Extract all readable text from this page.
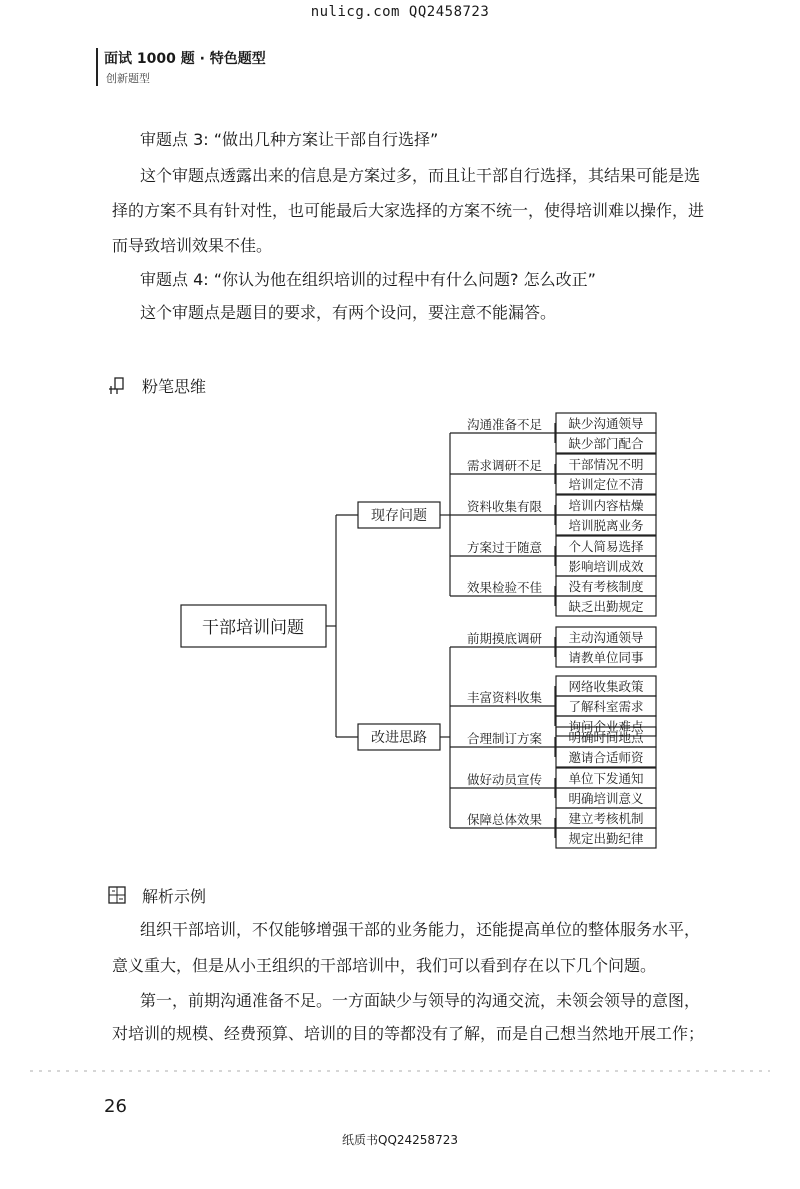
nulicg.com QQ2458723
面试 1000 题 · 特色题型
创新题型
审题点 3: “做出几种方案让干部自行选择”
这个审题点透露出来的信息是方案过多，而且让干部自行选择，其结果可能是选
择的方案不具有针对性，也可能最后大家选择的方案不统一，使得培训难以操作，进
而导致培训效果不佳。
审题点 4: “你认为他在组织培训的过程中有什么问题? 怎么改正”
这个审题点是题目的要求，有两个设问，要注意不能漏答。
粉笔思维
干部培训问题
现存问题
改进思路
沟通准备不足 缺少沟通领导
缺少部门配合
需求调研不足 干部情况不明
培训定位不清
资料收集有限 培训内容枯燥
培训脱离业务
方案过于随意 个人简易选择
影响培训成效
效果检验不佳 没有考核制度
缺乏出勤规定
前期摸底调研 主动沟通领导
请教单位同事
丰富资料收集
网络收集政策
了解科室需求
询问企业难点
合理制订方案 明确时间地点
邀请合适师资
做好动员宣传 单位下发通知
明确培训意义
保障总体效果 建立考核机制
规定出勤纪律
解析示例
组织干部培训，不仅能够增强干部的业务能力，还能提高单位的整体服务水平，
意义重大，但是从小王组织的干部培训中，我们可以看到存在以下几个问题。
第一，前期沟通准备不足。一方面缺少与领导的沟通交流，未领会领导的意图，
对培训的规模、经费预算、培训的目的等都没有了解，而是自己想当然地开展工作；
26
纸质书QQ24258723
